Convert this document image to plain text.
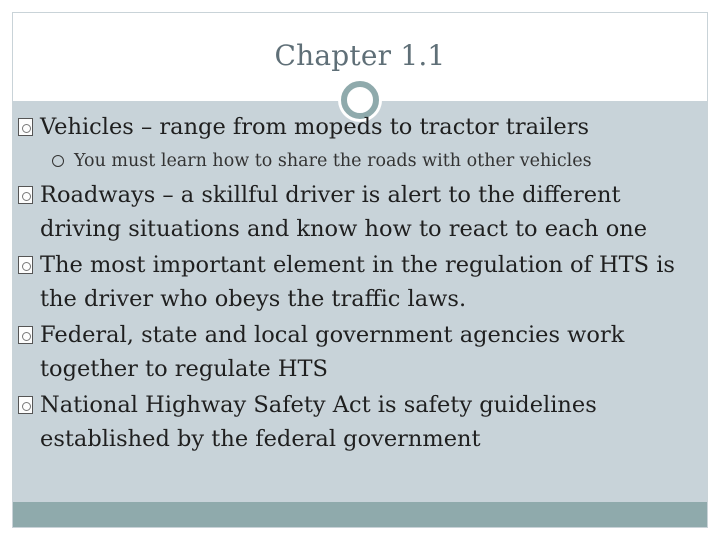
Chapter 1.1
Vehicles – range from mopeds to tractor trailers
You must learn how to share the roads with other vehicles
Roadways – a skillful driver is alert to the different driving situations and know how to react to each one
The most important element in the regulation of HTS is the driver who obeys the traffic laws.
Federal, state and local government agencies work together to regulate HTS
National Highway Safety Act is safety guidelines established by the federal government
